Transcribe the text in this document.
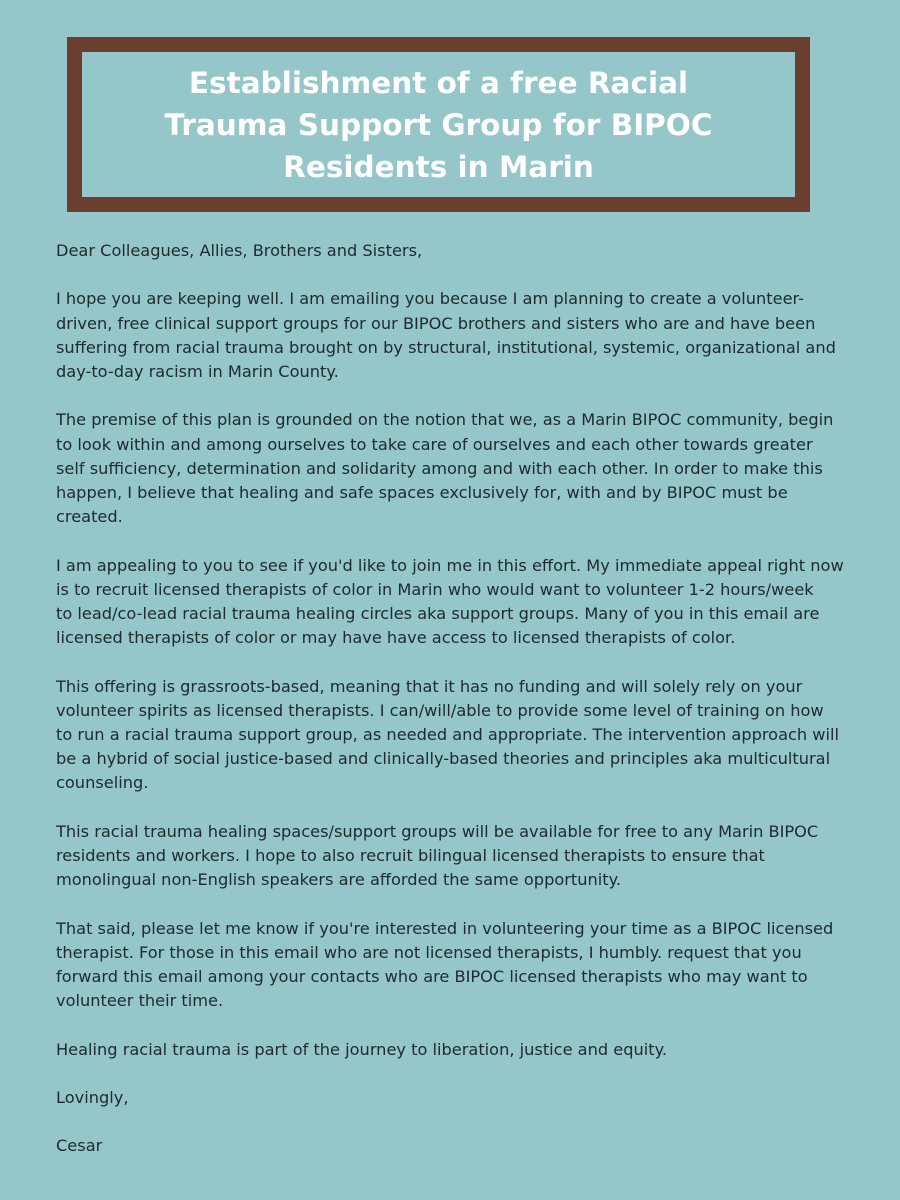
Establishment of a free Racial
Trauma Support Group for BIPOC
Residents in Marin

Dear Colleagues, Allies, Brothers and Sisters,

I hope you are keeping well. I am emailing you because I am planning to create a volunteer-
driven, free clinical support groups for our BIPOC brothers and sisters who are and have been
suffering from racial trauma brought on by structural, institutional, systemic, organizational and
day-to-day racism in Marin County.

The premise of this plan is grounded on the notion that we, as a Marin BIPOC community, begin
to look within and among ourselves to take care of ourselves and each other towards greater
self sufficiency, determination and solidarity among and with each other. In order to make this
happen, I believe that healing and safe spaces exclusively for, with and by BIPOC must be
created.

I am appealing to you to see if you'd like to join me in this effort. My immediate appeal right now
is to recruit licensed therapists of color in Marin who would want to volunteer 1-2 hours/week
to lead/co-lead racial trauma healing circles aka support groups. Many of you in this email are
licensed therapists of color or may have have access to licensed therapists of color.

This offering is grassroots-based, meaning that it has no funding and will solely rely on your
volunteer spirits as licensed therapists. I can/will/able to provide some level of training on how
to run a racial trauma support group, as needed and appropriate. The intervention approach will
be a hybrid of social justice-based and clinically-based theories and principles aka multicultural
counseling.

This racial trauma healing spaces/support groups will be available for free to any Marin BIPOC
residents and workers. I hope to also recruit bilingual licensed therapists to ensure that
monolingual non-English speakers are afforded the same opportunity.

That said, please let me know if you're interested in volunteering your time as a BIPOC licensed
therapist. For those in this email who are not licensed therapists, I humbly. request that you
forward this email among your contacts who are BIPOC licensed therapists who may want to
volunteer their time.

Healing racial trauma is part of the journey to liberation, justice and equity.

Lovingly,

Cesar
